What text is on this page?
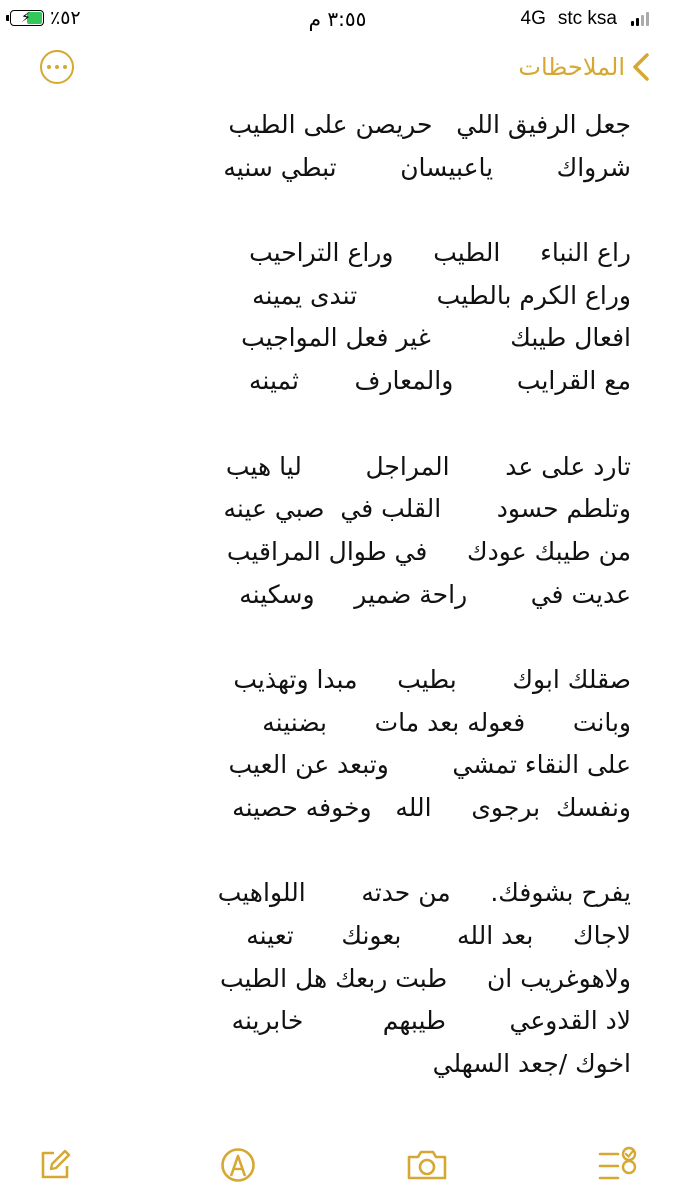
⚡ ٪٥٢	٣:٥٥ م	4G stc ksa
الملاحظات
جعل الرفيق اللي   حريصن على الطيب
شرواك        ياعبيسان        تبطي سنيه
راع النباء     الطيب     وراع التراحيب
وراع الكرم بالطيب          تندى يمينه
افعال طيبك          غير فعل المواجيب
مع القرايب        والمعارف       ثمينه
تارد على عد       المراجل        ليا هيب
وتلطم حسود       القلب في  صبي عينه
من طيبك عودك     في طوال المراقيب
عديت في        راحة ضمير     وسكينه
صقلك ابوك       بطيب     مبدا وتهذيب
وبانت      فعوله بعد مات      بضنينه
على النقاء تمشي        وتبعد عن العيب
ونفسك  برجوى     الله   وخوفه حصينه
يفرح بشوفك.     من حدته       اللواهيب
لاجاك     بعد الله       بعونك      تعينه
ولاهوغريب ان     طبت ربعك هل الطيب
لاد القدوعي        طيبهم          خابرينه
اخوك /جعد السهلي
